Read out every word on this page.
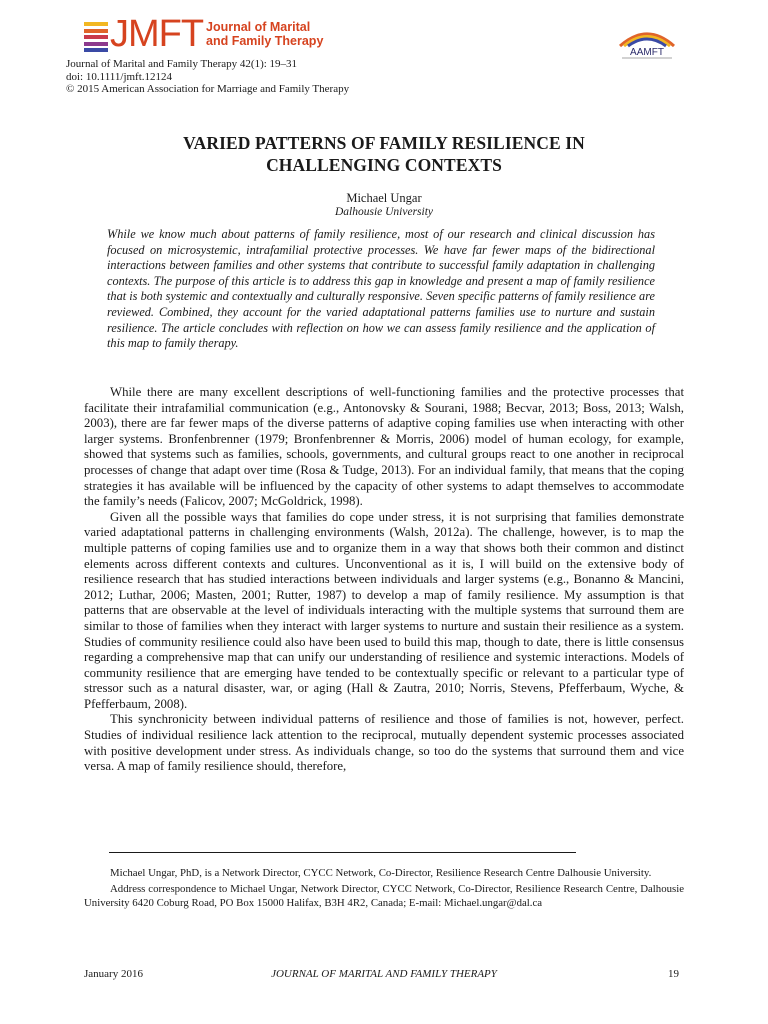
JMFT Journal of Marital
and Family Therapy
AAMFT
Journal of Marital and Family Therapy 42(1): 19–31
doi: 10.1111/jmft.12124
© 2015 American Association for Marriage and Family Therapy
VARIED PATTERNS OF FAMILY RESILIENCE IN
CHALLENGING CONTEXTS
Michael Ungar
Dalhousie University

While we know much about patterns of family resilience, most of our research and clinical discussion has focused on microsystemic, intrafamilial protective processes. We have far fewer maps of the bidirectional interactions between families and other systems that contribute to successful family adaptation in challenging contexts. The purpose of this article is to address this gap in knowledge and present a map of family resilience that is both systemic and contextually and culturally responsive. Seven specific patterns of family resilience are reviewed. Combined, they account for the varied adaptational patterns families use to nurture and sustain resilience. The article concludes with reflection on how we can assess family resilience and the application of this map to family therapy.

While there are many excellent descriptions of well-functioning families and the protective processes that facilitate their intrafamilial communication (e.g., Antonovsky & Sourani, 1988; Becvar, 2013; Boss, 2013; Walsh, 2003), there are far fewer maps of the diverse patterns of adaptive coping families use when interacting with other larger systems. Bronfenbrenner (1979; Bronfenbrenner & Morris, 2006) model of human ecology, for example, showed that systems such as families, schools, governments, and cultural groups react to one another in reciprocal processes of change that adapt over time (Rosa & Tudge, 2013). For an individual family, that means that the coping strategies it has available will be influenced by the capacity of other systems to adapt themselves to accommodate the family’s needs (Falicov, 2007; McGoldrick, 1998).

Given all the possible ways that families do cope under stress, it is not surprising that families demonstrate varied adaptational patterns in challenging environments (Walsh, 2012a). The challenge, however, is to map the multiple patterns of coping families use and to organize them in a way that shows both their common and distinct elements across different contexts and cultures. Unconventional as it is, I will build on the extensive body of resilience research that has studied interactions between individuals and larger systems (e.g., Bonanno & Mancini, 2012; Luthar, 2006; Masten, 2001; Rutter, 1987) to develop a map of family resilience. My assumption is that patterns that are observable at the level of individuals interacting with the multiple systems that surround them are similar to those of families when they interact with larger systems to nurture and sustain their resilience as a system. Studies of community resilience could also have been used to build this map, though to date, there is little consensus regarding a comprehensive map that can unify our understanding of resilience and systemic interactions. Models of community resilience that are emerging have tended to be contextually specific or relevant to a particular type of stressor such as a natural disaster, war, or aging (Hall & Zautra, 2010; Norris, Stevens, Pfefferbaum, Wyche, & Pfefferbaum, 2008).

This synchronicity between individual patterns of resilience and those of families is not, however, perfect. Studies of individual resilience lack attention to the reciprocal, mutually dependent systemic processes associated with positive development under stress. As individuals change, so too do the systems that surround them and vice versa. A map of family resilience should, therefore,

Michael Ungar, PhD, is a Network Director, CYCC Network, Co-Director, Resilience Research Centre Dalhousie University.

Address correspondence to Michael Ungar, Network Director, CYCC Network, Co-Director, Resilience Research Centre, Dalhousie University 6420 Coburg Road, PO Box 15000 Halifax, B3H 4R2, Canada; E-mail: Michael.ungar@dal.ca

January 2016	JOURNAL OF MARITAL AND FAMILY THERAPY	19
